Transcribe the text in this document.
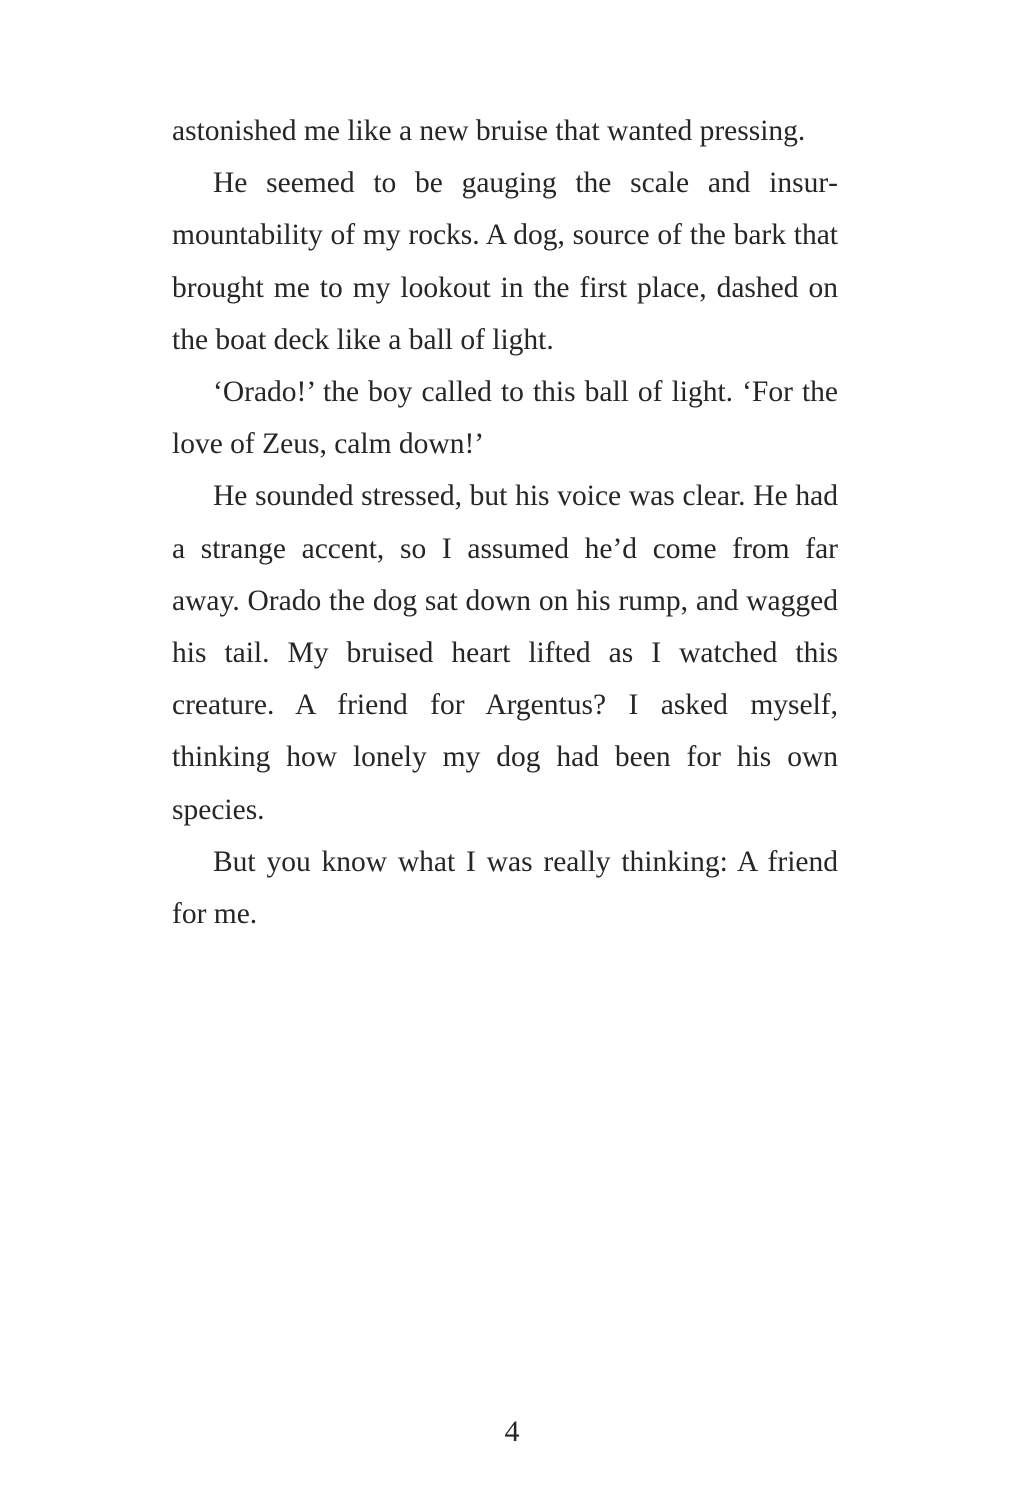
astonished me like a new bruise that wanted pressing.

He seemed to be gauging the scale and insurmountability of my rocks. A dog, source of the bark that brought me to my lookout in the first place, dashed on the boat deck like a ball of light.

‘Orado!’ the boy called to this ball of light. ‘For the love of Zeus, calm down!’

He sounded stressed, but his voice was clear. He had a strange accent, so I assumed he’d come from far away. Orado the dog sat down on his rump, and wagged his tail. My bruised heart lifted as I watched this creature. A friend for Argentus? I asked myself, thinking how lonely my dog had been for his own species.

But you know what I was really thinking: A friend for me.

4
